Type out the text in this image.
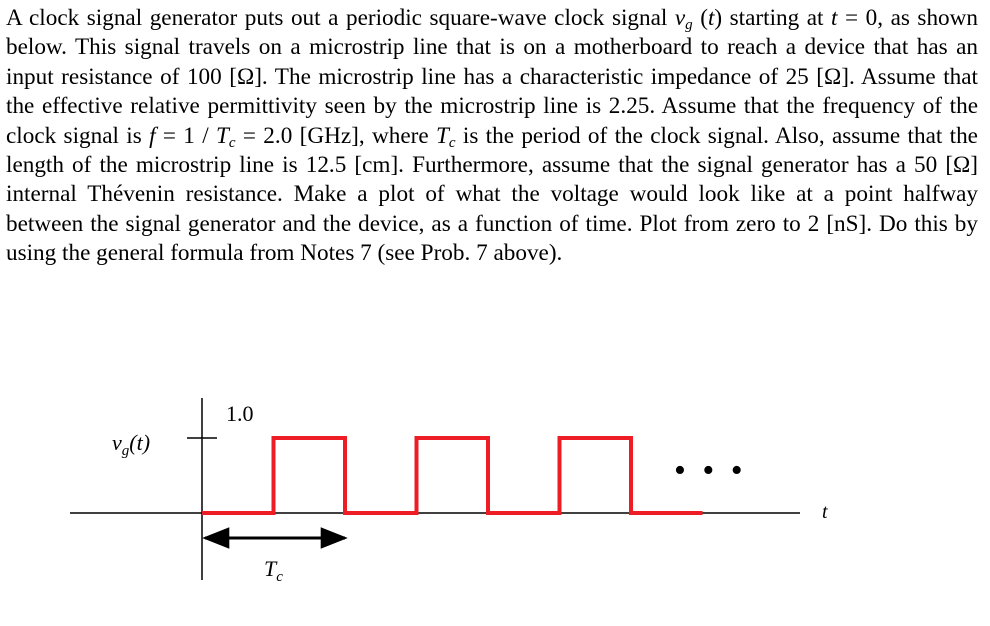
A clock signal generator puts out a periodic square-wave clock signal $v_g$ (t) starting at t = 0, as shown below. This signal travels on a microstrip line that is on a motherboard to reach a device that has an input resistance of 100 [Ω]. The microstrip line has a characteristic impedance of 25 [Ω]. Assume that the effective relative permittivity seen by the microstrip line is 2.25. Assume that the frequency of the clock signal is $f = 1 / T_c = 2.0$ [GHz], where $T_c$ is the period of the clock signal. Also, assume that the length of the microstrip line is 12.5 [cm]. Furthermore, assume that the signal generator has a 50 [Ω] internal Thévenin resistance. Make a plot of what the voltage would look like at a point halfway between the signal generator and the device, as a function of time. Plot from zero to 2 [nS]. Do this by using the general formula from Notes 7 (see Prob. 7 above).

1.0
$v_g(t)$
t
• • •
$T_c$
